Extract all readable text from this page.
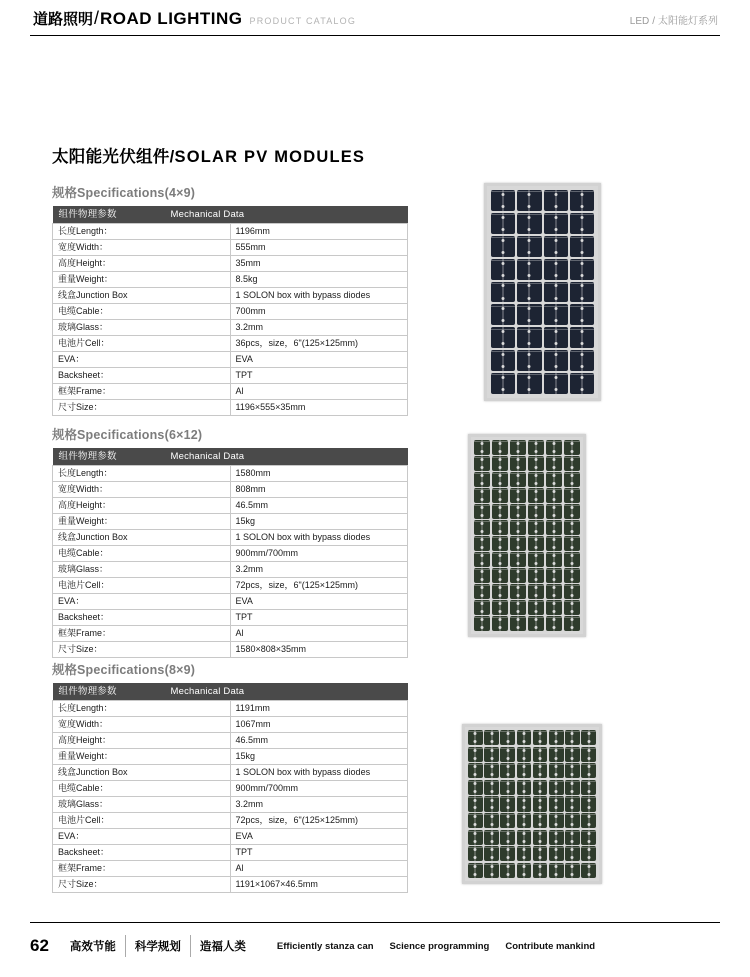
道路照明 / ROAD LIGHTING PRODUCT CATALOG	LED / 太阳能灯系列
太阳能光伏组件/SOLAR PV MODULES
规格Specifications(4×9)
组件物理参数 Mechanical Data	
长度Length：	1196mm
宽度Width：	555mm
高度Height：	35mm
重量Weight：	8.5kg
线盒Junction Box	1 SOLON box with bypass diodes
电缆Cable：	700mm
玻璃Glass：	3.2mm
电池片Cell：	36pcs，size，6"(125×125mm)
EVA：	EVA
Backsheet：	TPT
框架Frame：	Al
尺寸Size：	1196×555×35mm
规格Specifications(6×12)
组件物理参数 Mechanical Data	
长度Length：	1580mm
宽度Width：	808mm
高度Height：	46.5mm
重量Weight：	15kg
线盒Junction Box	1 SOLON box with bypass diodes
电缆Cable：	900mm/700mm
玻璃Glass：	3.2mm
电池片Cell：	72pcs，size，6"(125×125mm)
EVA：	EVA
Backsheet：	TPT
框架Frame：	Al
尺寸Size：	1580×808×35mm
规格Specifications(8×9)
组件物理参数 Mechanical Data	
长度Length：	1191mm
宽度Width：	1067mm
高度Height：	46.5mm
重量Weight：	15kg
线盒Junction Box	1 SOLON box with bypass diodes
电缆Cable：	900mm/700mm
玻璃Glass：	3.2mm
电池片Cell：	72pcs，size，6"(125×125mm)
EVA：	EVA
Backsheet：	TPT
框架Frame：	Al
尺寸Size：	1191×1067×46.5mm
62	高效节能	科学规划	造福人类	Efficiently stanza can Science programming Contribute mankind
